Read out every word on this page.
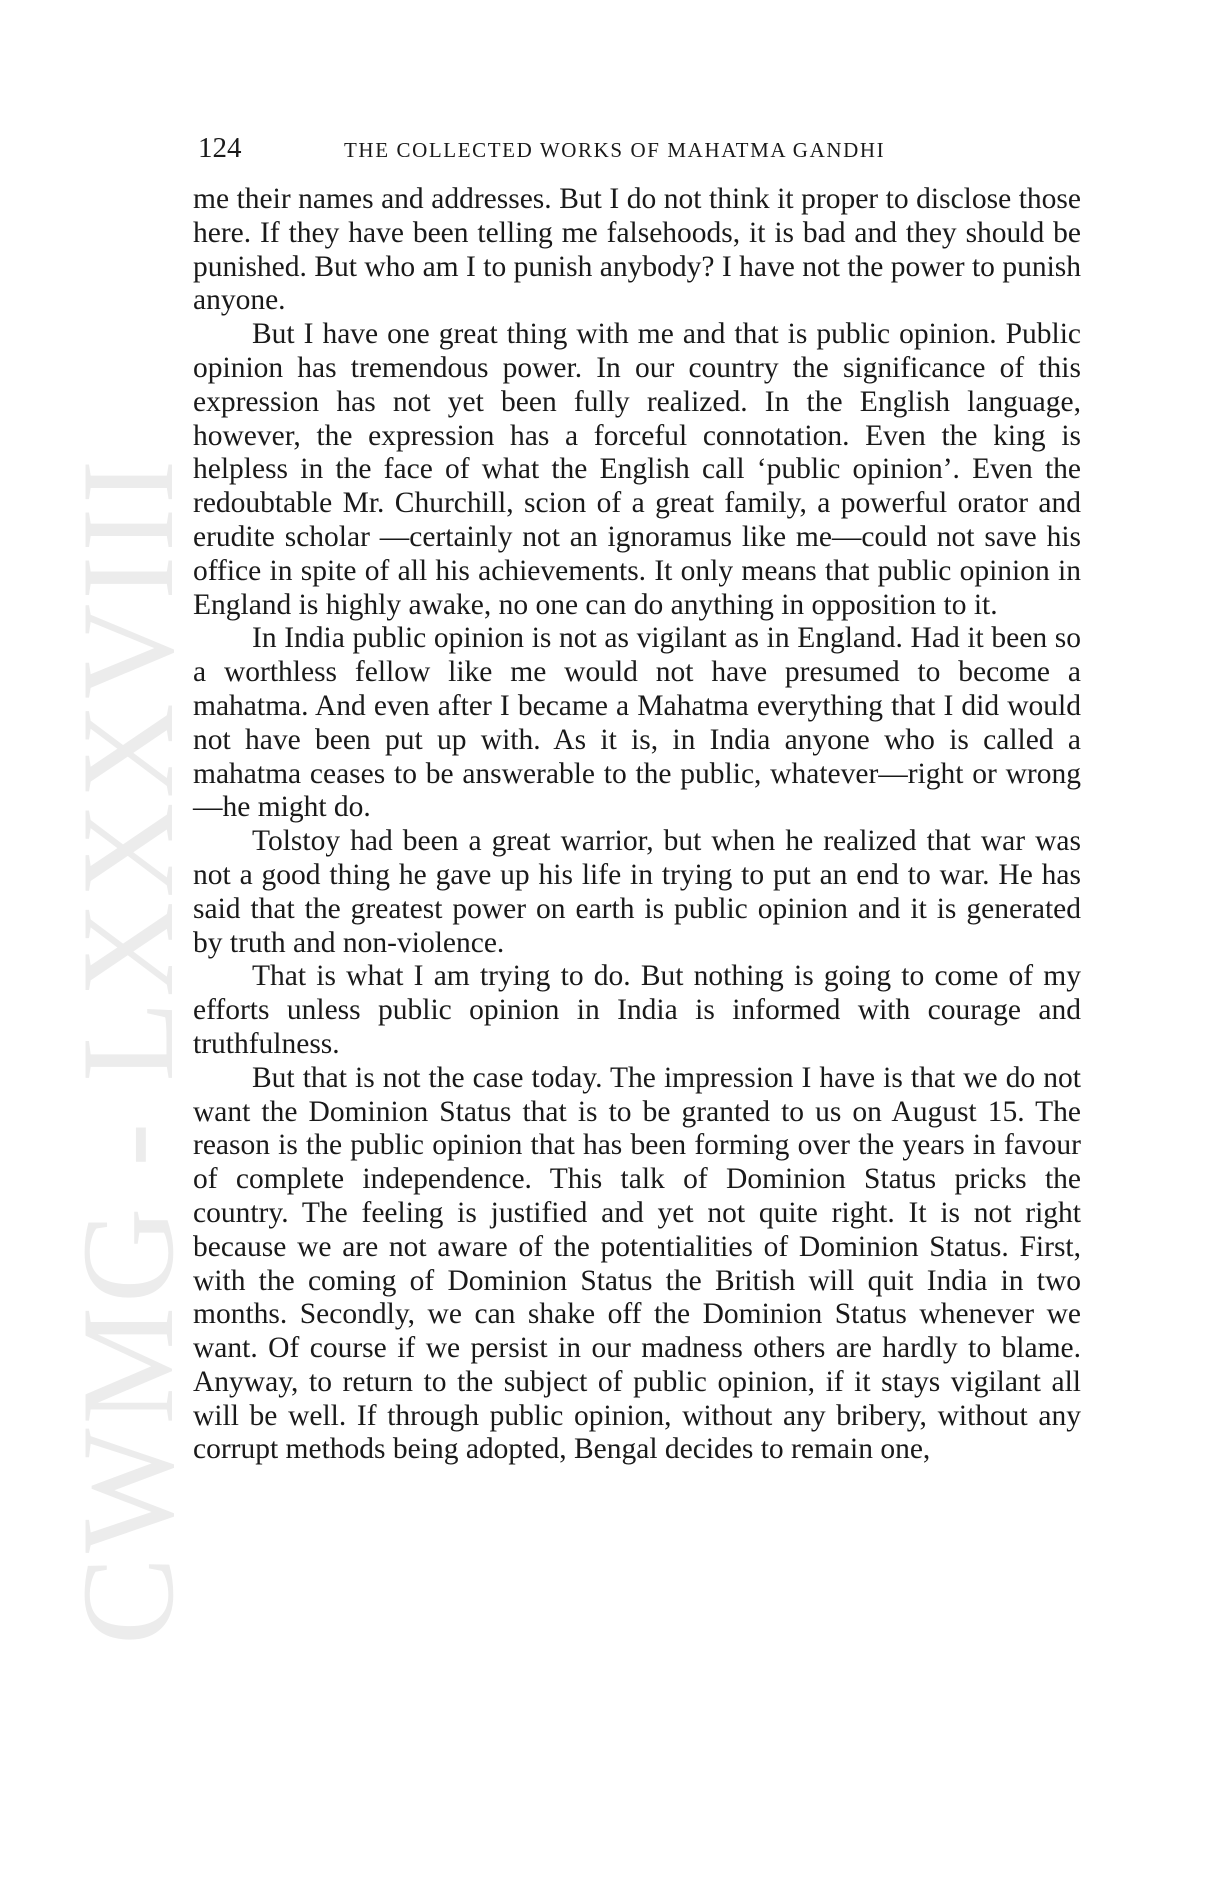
CWMG - LXXXVIII
124	THE COLLECTED WORKS OF MAHATMA GANDHI

me their names and addresses. But I do not think it proper to disclose those here. If they have been telling me falsehoods, it is bad and they should be punished. But who am I to punish anybody? I have not the power to punish anyone.

But I have one great thing with me and that is public opinion. Public opinion has tremendous power. In our country the significance of this expression has not yet been fully realized. In the English language, however, the expression has a forceful connotation. Even the king is helpless in the face of what the English call ‘public opinion’. Even the redoubtable Mr. Churchill, scion of a great family, a powerful orator and erudite scholar —certainly not an ignoramus like me—could not save his office in spite of all his achievements. It only means that public opinion in England is highly awake, no one can do anything in opposition to it.

In India public opinion is not as vigilant as in England. Had it been so a worthless fellow like me would not have presumed to become a mahatma. And even after I became a Mahatma everything that I did would not have been put up with. As it is, in India anyone who is called a mahatma ceases to be answerable to the public, whatever—right or wrong—he might do.

Tolstoy had been a great warrior, but when he realized that war was not a good thing he gave up his life in trying to put an end to war. He has said that the greatest power on earth is public opinion and it is generated by truth and non-violence.

That is what I am trying to do. But nothing is going to come of my efforts unless public opinion in India is informed with courage and truthfulness.

But that is not the case today. The impression I have is that we do not want the Dominion Status that is to be granted to us on August 15. The reason is the public opinion that has been forming over the years in favour of complete independence. This talk of Dominion Status pricks the country. The feeling is justified and yet not quite right. It is not right because we are not aware of the potentialities of Dominion Status. First, with the coming of Dominion Status the British will quit India in two months. Secondly, we can shake off the Dominion Status whenever we want. Of course if we persist in our madness others are hardly to blame. Anyway, to return to the subject of public opinion, if it stays vigilant all will be well. If through public opinion, without any bribery, without any corrupt methods being adopted, Bengal decides to remain one,
